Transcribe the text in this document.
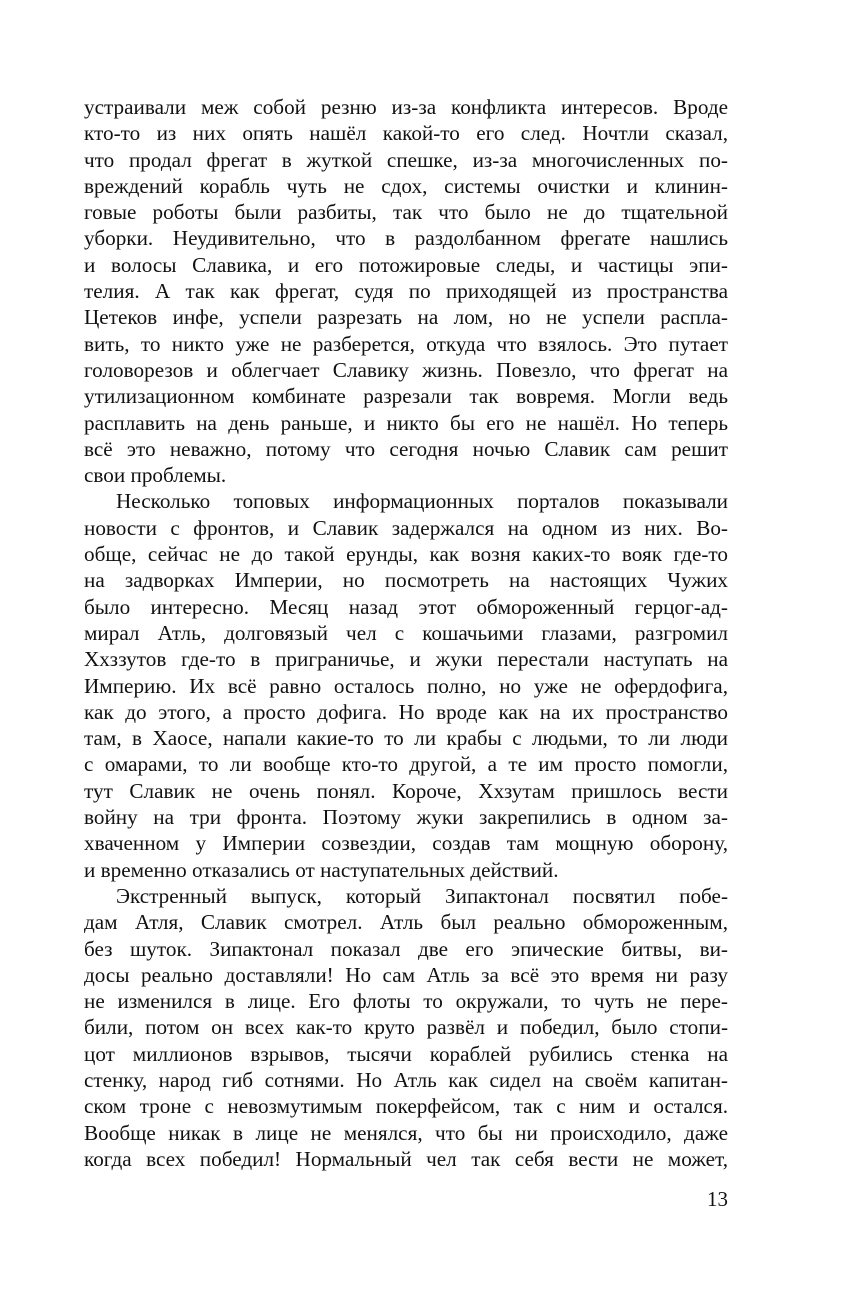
устраивали меж собой резню из-за конфликта интересов. Вроде
кто-то из них опять нашёл какой-то его след. Ночтли сказал,
что продал фрегат в жуткой спешке, из-за многочисленных по-
вреждений корабль чуть не сдох, системы очистки и клинин-
говые роботы были разбиты, так что было не до тщательной
уборки. Неудивительно, что в раздолбанном фрегате нашлись
и волосы Славика, и его потожировые следы, и частицы эпи-
телия. А так как фрегат, судя по приходящей из пространства
Цетеков инфе, успели разрезать на лом, но не успели распла-
вить, то никто уже не разберется, откуда что взялось. Это путает
головорезов и облегчает Славику жизнь. Повезло, что фрегат на
утилизационном комбинате разрезали так вовремя. Могли ведь
расплавить на день раньше, и никто бы его не нашёл. Но теперь
всё это неважно, потому что сегодня ночью Славик сам решит
свои проблемы.
Несколько топовых информационных порталов показывали
новости с фронтов, и Славик задержался на одном из них. Во-
обще, сейчас не до такой ерунды, как возня каких-то вояк где-то
на задворках Империи, но посмотреть на настоящих Чужих
было интересно. Месяц назад этот обмороженный герцог-ад-
мирал Атль, долговязый чел с кошачьими глазами, разгромил
Ххззутов где-то в приграничье, и жуки перестали наступать на
Империю. Их всё равно осталось полно, но уже не офердофига,
как до этого, а просто дофига. Но вроде как на их пространство
там, в Хаосе, напали какие-то то ли крабы с людьми, то ли люди
с омарами, то ли вообще кто-то другой, а те им просто помогли,
тут Славик не очень понял. Короче, Ххзутам пришлось вести
войну на три фронта. Поэтому жуки закрепились в одном за-
хваченном у Империи созвездии, создав там мощную оборону,
и временно отказались от наступательных действий.
Экстренный выпуск, который Зипактонал посвятил побе-
дам Атля, Славик смотрел. Атль был реально обмороженным,
без шуток. Зипактонал показал две его эпические битвы, ви-
досы реально доставляли! Но сам Атль за всё это время ни разу
не изменился в лице. Его флоты то окружали, то чуть не пере-
били, потом он всех как-то круто развёл и победил, было стопи-
цот миллионов взрывов, тысячи кораблей рубились стенка на
стенку, народ гиб сотнями. Но Атль как сидел на своём капитан-
ском троне с невозмутимым покерфейсом, так с ним и остался.
Вообще никак в лице не менялся, что бы ни происходило, даже
когда всех победил! Нормальный чел так себя вести не может,
13
